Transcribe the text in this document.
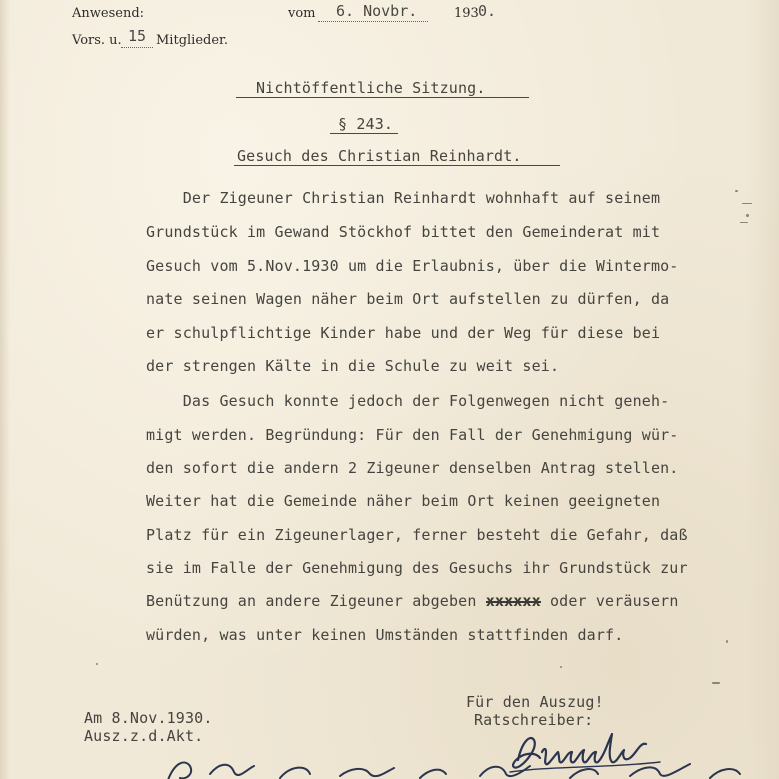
Anwesend:	vom 6. Novbr.	193 0.
Vors. u. 15 Mitglieder.
Nichtöffentliche Sitzung.
§ 243.
Gesuch des Christian Reinhardt.
Der Zigeuner Christian Reinhardt wohnhaft auf seinem
Grundstück im Gewand Stöckhof bittet den Gemeinderat mit
Gesuch vom 5.Nov.1930 um die Erlaubnis, über die Wintermo-
nate seinen Wagen näher beim Ort aufstellen zu dürfen, da
er schulpflichtige Kinder habe und der Weg für diese bei
der strengen Kälte in die Schule zu weit sei.
Das Gesuch konnte jedoch der Folgenwegen nicht geneh-
migt werden. Begründung: Für den Fall der Genehmigung wür-
den sofort die andern 2 Zigeuner denselben Antrag stellen.
Weiter hat die Gemeinde näher beim Ort keinen geeigneten
Platz für ein Zigeunerlager, ferner besteht die Gefahr, daß
sie im Falle der Genehmigung des Gesuchs ihr Grundstück zur
Benützung an andere Zigeuner abgeben xxxxxx oder veräusern
würden, was unter keinen Umständen stattfinden darf.
Am 8.Nov.1930.
Ausz.z.d.Akt.
Für den Auszug!
Ratschreiber:
